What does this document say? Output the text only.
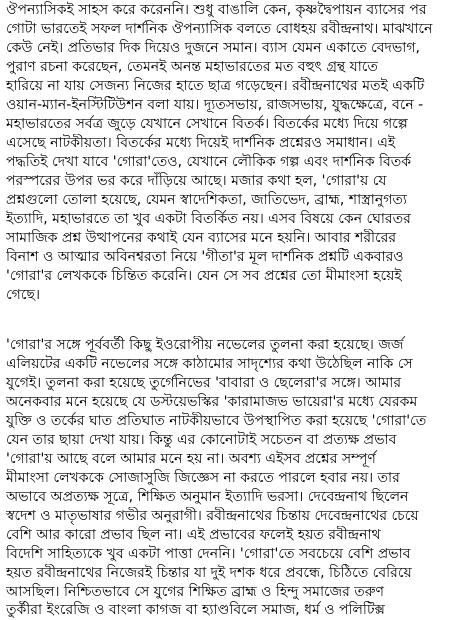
ঔপন্যাসিকই সাহস করে করেননি। শুধু বাঙালি কেন, কৃষ্ণদ্বৈপায়ন ব্যাসের পর

গোটা ভারতেই সফল দার্শনিক ঔপন্যাসিক বলতে বোধহয় রবীন্দ্রনাথ। মাঝখানে

কেউ নেই। প্রতিভার দিক দিয়েও দুজনে সমান। ব্যাস যেমন একাতে বেদভাগ,

পুরাণ রচনা করেছেন, তেমনই অনন্ত মহাভারতের মত বহুৎ গ্রন্থ যাতে

হারিয়ে না যায় সেজন্য নিজের হাতে ছাত্র গড়েছেন। রবীন্দ্রনাথের মতই একটি

ওয়ান-ম্যান-ইনস্টিটিউশন বলা যায়। দ্যূতসভায়, রাজসভায়, যুদ্ধক্ষেত্রে, বনে -

মহাভারতের সর্বত্র জুড়ে যেখানে সেখানে বিতর্ক। বিতর্কের মধ্যে দিয়ে গল্পে

এসেছে নাটকীয়তা। বিতর্কের মধ্যে দিয়েই দার্শনিক প্রশ্নেরও সমাধান। এই

পদ্ধতিই দেখা যাবে 'গোরা'তেও, যেখানে লৌকিক গল্প এবং দার্শনিক বিতর্ক

পরস্পরের উপর ভর করে দাঁড়িয়ে আছে। মজার কথা হল, 'গোরা'য় যে

প্রশ্নগুলো তোলা হয়েছে, যেমন স্বাদেশিকতা, জাতিভেদ, ব্রাহ্ম, শাস্ত্রানুগত্য

ইত্যাদি, মহাভারতে তা খুব একটা বিতর্কিত নয়। এসব বিষয়ে কেন ঘোরতর

সামাজিক প্রশ্ন উত্থাপনের কথাই যেন ব্যাসের মনে হয়নি। আবার শরীরের

বিনাশ ও আত্মার অবিনশ্বরতা নিয়ে 'গীতা'র মূল দার্শনিক প্রশ্নটি একবারও

'গোরা'র লেখককে চিন্তিত করেনি। যেন সে সব প্রশ্নের তো মীমাংসা হয়েই

গেছে।

'গোরা'র সঙ্গে পূর্ববর্তী কিছু ইওরোপীয় নভেলের তুলনা করা হয়েছে। জর্জ

এলিয়টের একটি নভেলের সঙ্গে কাঠামোর সাদৃশ্যের কথা উঠেছিল নাকি সে

যুগেই। তুলনা করা হয়েছে তুর্গেনিভের 'বাবারা ও ছেলেরা'র সঙ্গে। আমার

অনেকবার মনে হয়েছে যে ডস্টয়েভস্কির 'কারামাজভ ভায়েরা'র মধ্যে যেরকম

যুক্তি ও তর্কের ঘাত প্রতিঘাত নাটকীয়ভাবে উপস্থাপিত করা হয়েছে 'গোরা'তে

যেন তার ছায়া দেখা যায়। কিন্তু এর কোনোটাই সচেতন বা প্রত্যক্ষ প্রভাব

'গোরা'য় আছে বলে আমার মনে হয় না। অবশ্য এইসব প্রশ্নের সম্পূর্ণ

মীমাংসা লেখককে সোজাসুজি জিজ্ঞেস না করতে পারলে হবার নয়। তার

অভাবে অপ্রত্যক্ষ সূত্রে, শিক্ষিত অনুমান ইত্যাদি ভরসা। দেবেন্দ্রনাথ ছিলেন

স্বদেশ ও মাতৃভাষার গভীর অনুরাগী। রবীন্দ্রনাথের চিন্তায় দেবেন্দ্রনাথের চেয়ে

বেশি আর কারো প্রভাব ছিল না। এই প্রভাবের ফলেই হয়ত রবীন্দ্রনাথ

বিদেশি সাহিত্যকে খুব একটা পাত্তা দেননি। 'গোরা'তে সবচেয়ে বেশি প্রভাব

হয়ত রবীন্দ্রনাথের নিজেরই চিন্তার যা দুই দশক ধরে প্রবন্ধে, চিঠিতে বেরিয়ে

আসছিল। নিশ্চিতভাবে সে যুগের শিক্ষিত ব্রাহ্ম ও হিন্দু সমাজের তরুণ

তুর্কীরা ইংরেজি ও বাংলা কাগজ বা হ্যাণ্ডবিলে সমাজ, ধর্ম ও পলিটিক্স
